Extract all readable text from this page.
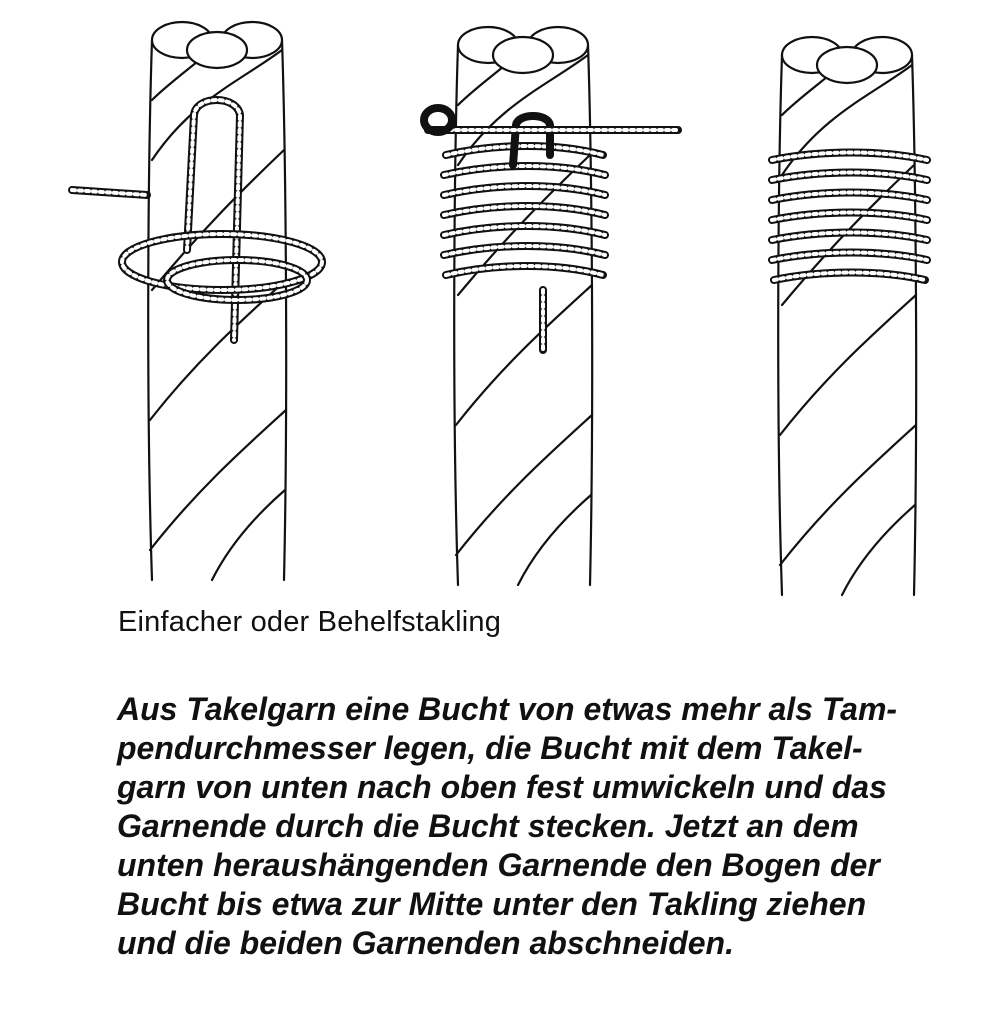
Einfacher oder Behelfstakling
Aus Takelgarn eine Bucht von etwas mehr als Tam-
pendurchmesser legen, die Bucht mit dem Takel-
garn von unten nach oben fest umwickeln und das
Garnende durch die Bucht stecken. Jetzt an dem
unten heraushängenden Garnende den Bogen der
Bucht bis etwa zur Mitte unter den Takling ziehen
und die beiden Garnenden abschneiden.
